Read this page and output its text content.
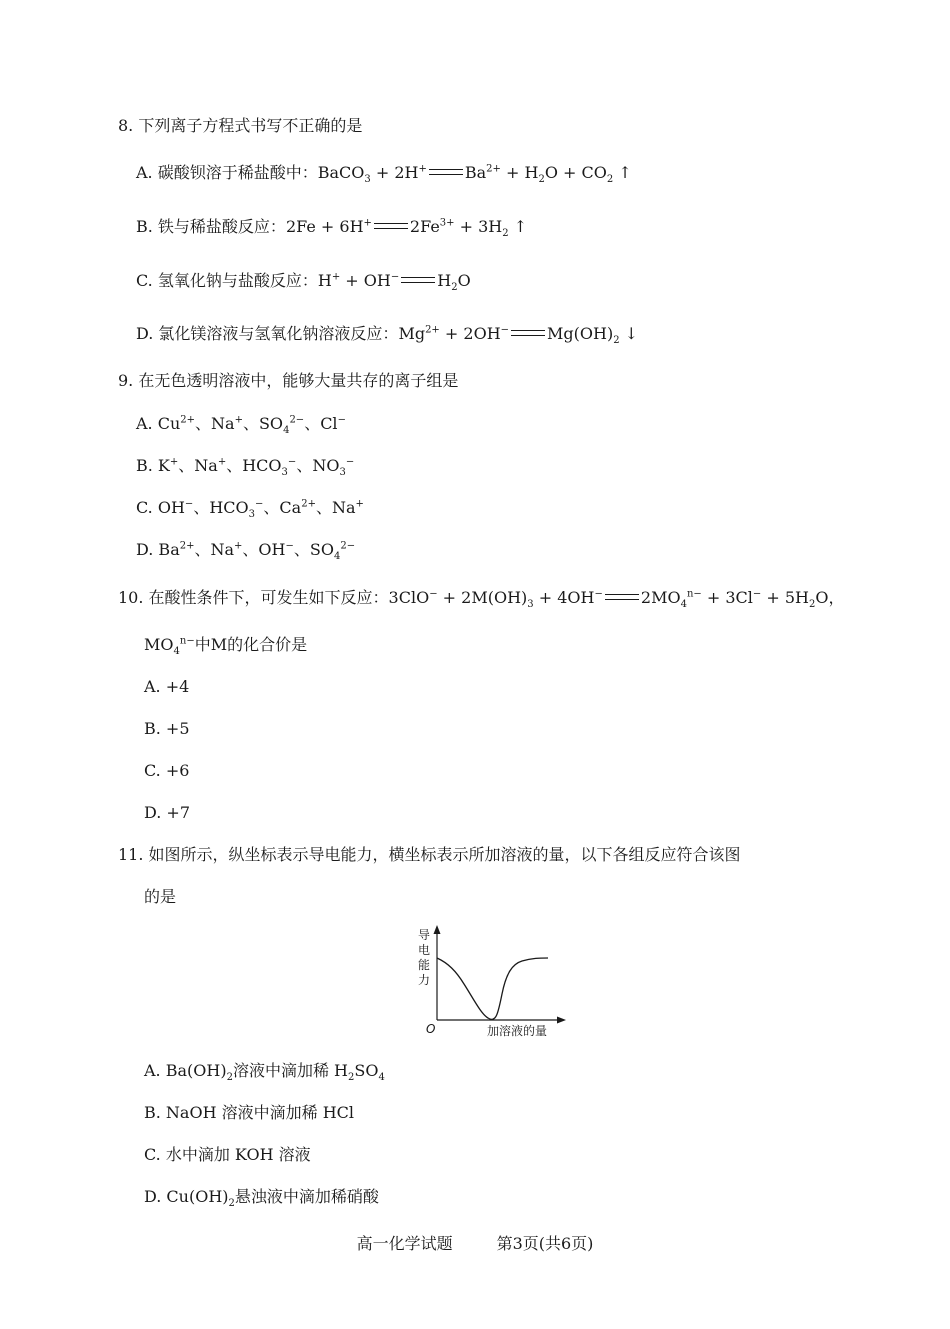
8. 下列离子方程式书写不正确的是
A. 碳酸钡溶于稀盐酸中：BaCO$_3$ + 2H+ $Ba^{2+} + H_2O + CO_2$ ↑
B. 铁与稀盐酸反应：2Fe + 6H+ $2Fe^{3+} + 3H_2$ ↑
C. 氢氧化钠与盐酸反应：H+ + OH− $H_2O$
D. 氯化镁溶液与氢氧化钠溶液反应：$Mg^{2+} + 2OH^-$ $Mg(OH)_2$ ↓
9. 在无色透明溶液中，能够大量共存的离子组是
A. $Cu^{2+}$、Na+、$SO_4^{2-}$、Cl−
B. K+、Na+、$HCO_3^-$、$NO_3^-$
C. OH−、$HCO_3^-$、$Ca^{2+}$、Na+
D. $Ba^{2+}$、Na+、OH−、$SO_4^{2-}$
10. 在酸性条件下，可发生如下反应：$3ClO^- + 2M(OH)_3 + 4OH^-$ $2MO_4^{n-} + 3Cl^- + 5H_2O$，
$MO_4^{n-}$中M的化合价是
A. +4
B. +5
C. +6
D. +7
11. 如图所示，纵坐标表示导电能力，横坐标表示所加溶液的量，以下各组反应符合该图
的是
导
电
能
力
O	加溶液的量
A. $Ba(OH)_2$溶液中滴加稀 $H_2SO_4$
B. NaOH 溶液中滴加稀 HCl
C. 水中滴加 KOH 溶液
D. $Cu(OH)_2$悬浊液中滴加稀硝酸
高一化学试题	第3页(共6页)
